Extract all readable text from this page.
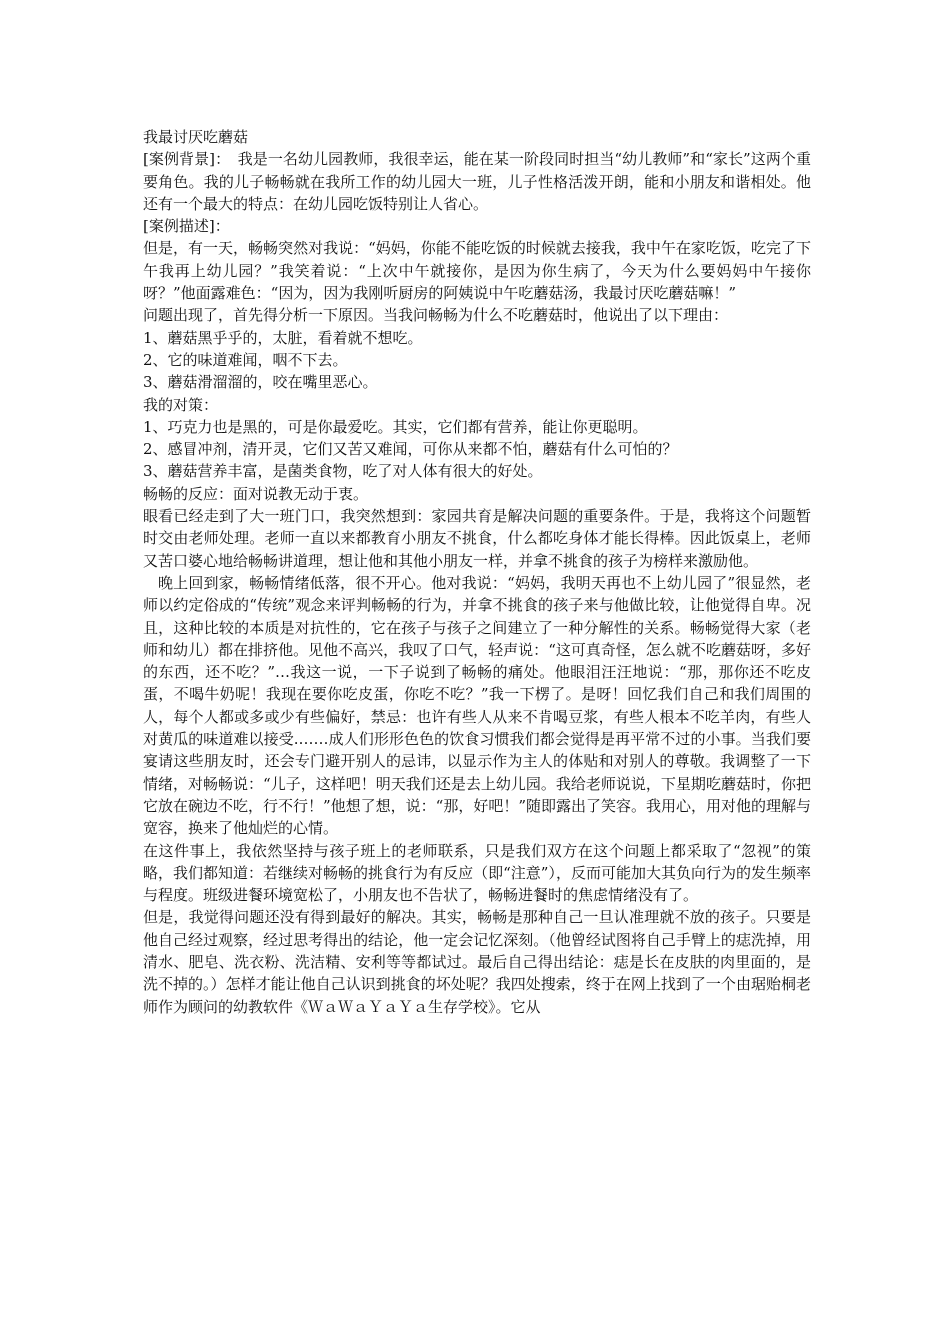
我最讨厌吃蘑菇

[案例背景]：　我是一名幼儿园教师，我很幸运，能在某一阶段同时担当“幼儿教师”和“家长”这两个重要角色。我的儿子畅畅就在我所工作的幼儿园大一班，儿子性格活泼开朗，能和小朋友和谐相处。他还有一个最大的特点：在幼儿园吃饭特别让人省心。

[案例描述]：

但是，有一天，畅畅突然对我说：“妈妈，你能不能吃饭的时候就去接我，我中午在家吃饭，吃完了下午我再上幼儿园？”我笑着说：“上次中午就接你，是因为你生病了，今天为什么要妈妈中午接你呀？”他面露难色：“因为，因为我刚听厨房的阿姨说中午吃蘑菇汤，我最讨厌吃蘑菇嘛！”

问题出现了，首先得分析一下原因。当我问畅畅为什么不吃蘑菇时，他说出了以下理由：

1、蘑菇黑乎乎的，太脏，看着就不想吃。

2、它的味道难闻，咽不下去。

3、蘑菇滑溜溜的，咬在嘴里恶心。

我的对策：

1、巧克力也是黑的，可是你最爱吃。其实，它们都有营养，能让你更聪明。

2、感冒冲剂，清开灵，它们又苦又难闻，可你从来都不怕，蘑菇有什么可怕的？

3、蘑菇营养丰富，是菌类食物，吃了对人体有很大的好处。

畅畅的反应：面对说教无动于衷。

眼看已经走到了大一班门口，我突然想到：家园共育是解决问题的重要条件。于是，我将这个问题暂时交由老师处理。老师一直以来都教育小朋友不挑食，什么都吃身体才能长得棒。因此饭桌上，老师又苦口婆心地给畅畅讲道理，想让他和其他小朋友一样，并拿不挑食的孩子为榜样来激励他。

晚上回到家，畅畅情绪低落，很不开心。他对我说：“妈妈，我明天再也不上幼儿园了”很显然，老师以约定俗成的“传统”观念来评判畅畅的行为，并拿不挑食的孩子来与他做比较，让他觉得自卑。况且，这种比较的本质是对抗性的，它在孩子与孩子之间建立了一种分解性的关系。畅畅觉得大家（老师和幼儿）都在排挤他。见他不高兴，我叹了口气，轻声说：“这可真奇怪，怎么就不吃蘑菇呀，多好的东西，还不吃？”…我这一说，一下子说到了畅畅的痛处。他眼泪汪汪地说：“那，那你还不吃皮蛋，不喝牛奶呢！我现在要你吃皮蛋，你吃不吃？”我一下楞了。是呀！回忆我们自己和我们周围的人，每个人都或多或少有些偏好，禁忌：也许有些人从来不肯喝豆浆，有些人根本不吃羊肉，有些人对黄瓜的味道难以接受.……成人们形形色色的饮食习惯我们都会觉得是再平常不过的小事。当我们要宴请这些朋友时，还会专门避开别人的忌讳，以显示作为主人的体贴和对别人的尊敬。我调整了一下情绪，对畅畅说：“儿子，这样吧！明天我们还是去上幼儿园。我给老师说说，下星期吃蘑菇时，你把它放在碗边不吃，行不行！”他想了想，说：“那，好吧！”随即露出了笑容。我用心，用对他的理解与宽容，换来了他灿烂的心情。

在这件事上，我依然坚持与孩子班上的老师联系，只是我们双方在这个问题上都采取了“忽视”的策略，我们都知道：若继续对畅畅的挑食行为有反应（即“注意”），反而可能加大其负向行为的发生频率与程度。班级进餐环境宽松了，小朋友也不告状了，畅畅进餐时的焦虑情绪没有了。

但是，我觉得问题还没有得到最好的解决。其实，畅畅是那种自己一旦认准理就不放的孩子。只要是他自己经过观察，经过思考得出的结论，他一定会记忆深刻。（他曾经试图将自己手臂上的痣洗掉，用清水、肥皂、洗衣粉、洗洁精、安利等等都试过。最后自己得出结论：痣是长在皮肤的肉里面的，是洗不掉的。）怎样才能让他自己认识到挑食的坏处呢？我四处搜索，终于在网上找到了一个由琚贻桐老师作为顾问的幼教软件《ＷａＷａＹａＹａ生存学校》。它从
